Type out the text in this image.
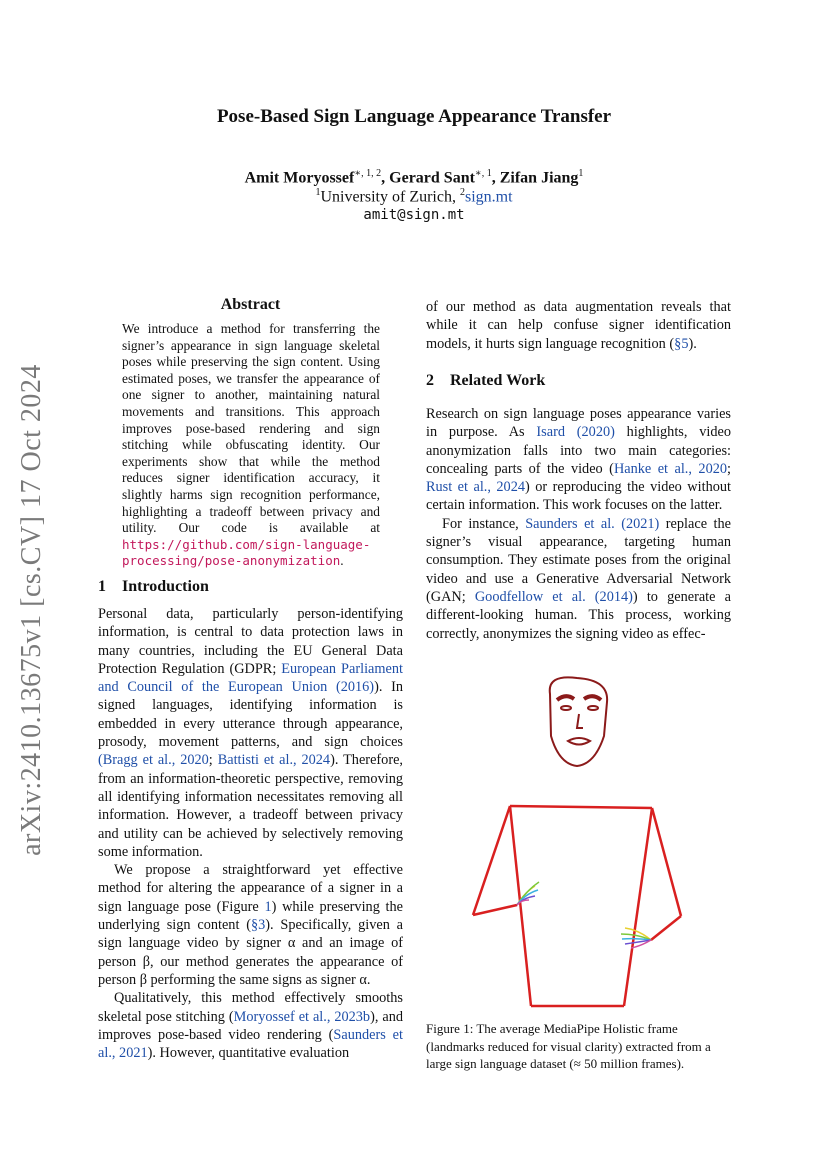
arXiv:2410.13675v1 [cs.CV] 17 Oct 2024
Pose-Based Sign Language Appearance Transfer
Amit Moryossef$^{∗, 1, 2}$, Gerard Sant$^{∗, 1}$, Zifan Jiang$^1$
$^1$University of Zurich, $^2$sign.mt
amit@sign.mt
Abstract
We introduce a method for transferring the signer’s appearance in sign language skeletal poses while preserving the sign content. Using estimated poses, we transfer the appearance of one signer to another, maintaining natural movements and transitions. This approach improves pose-based rendering and sign stitching while obfuscating identity. Our experiments show that while the method reduces signer identification accuracy, it slightly harms sign recognition performance, highlighting a tradeoff between privacy and utility. Our code is available at https://github.com/sign-language-processing/pose-anonymization.
1 Introduction

Personal data, particularly person-identifying information, is central to data protection laws in many countries, including the EU General Data Protection Regulation (GDPR; European Parliament and Council of the European Union (2016)). In signed languages, identifying information is embedded in every utterance through appearance, prosody, movement patterns, and sign choices (Bragg et al., 2020; Battisti et al., 2024). Therefore, from an information-theoretic perspective, removing all identifying information necessitates removing all information. However, a tradeoff between privacy and utility can be achieved by selectively removing some information.

We propose a straightforward yet effective method for altering the appearance of a signer in a sign language pose (Figure 1) while preserving the underlying sign content (§3). Specifically, given a sign language video by signer α and an image of person β, our method generates the appearance of person β performing the same signs as signer α.

Qualitatively, this method effectively smooths skeletal pose stitching (Moryossef et al., 2023b), and improves pose-based video rendering (Saunders et al., 2021). However, quantitative evaluation

of our method as data augmentation reveals that while it can help confuse signer identification models, it hurts sign language recognition (§5).

2 Related Work

Research on sign language poses appearance varies in purpose. As Isard (2020) highlights, video anonymization falls into two main categories: concealing parts of the video (Hanke et al., 2020; Rust et al., 2024) or reproducing the video without certain information. This work focuses on the latter.

For instance, Saunders et al. (2021) replace the signer’s visual appearance, targeting human consumption. They estimate poses from the original video and use a Generative Adversarial Network (GAN; Goodfellow et al. (2014)) to generate a different-looking human. This process, working correctly, anonymizes the signing video as effec-

Figure 1: The average MediaPipe Holistic frame (landmarks reduced for visual clarity) extracted from a large sign language dataset (≈ 50 million frames).
